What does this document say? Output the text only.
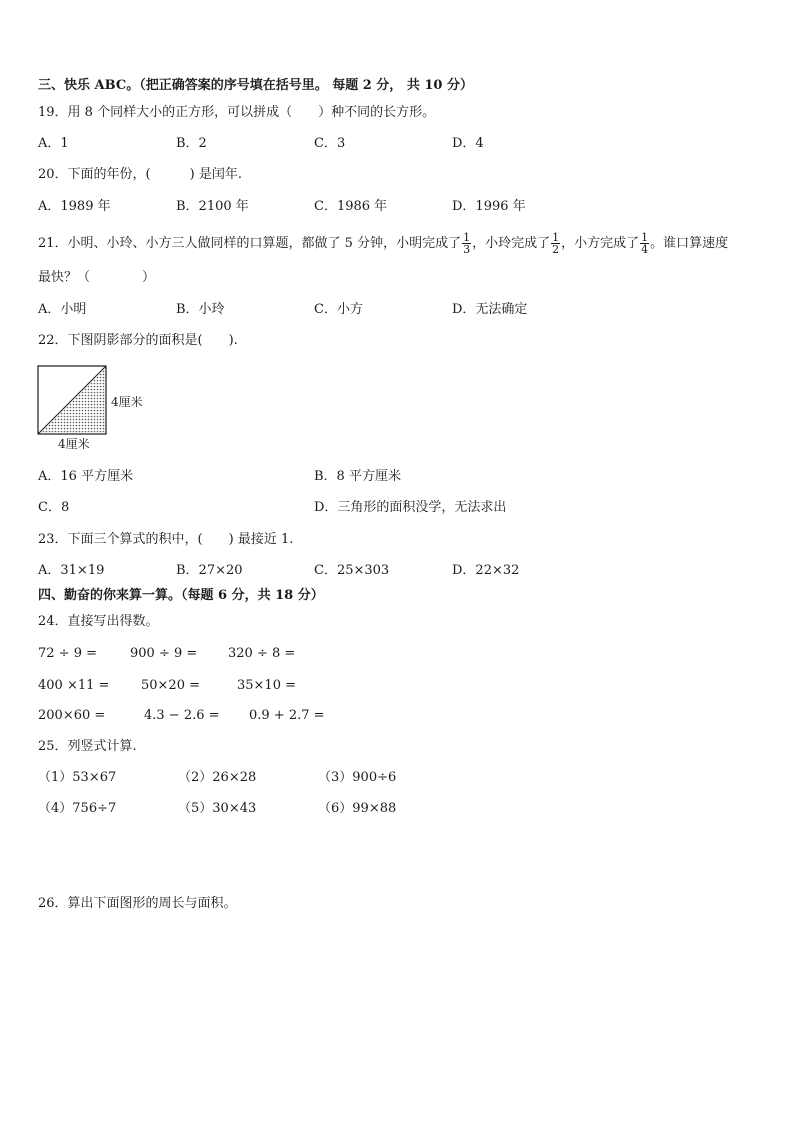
三、快乐 ABC。（把正确答案的序号填在括号里。 每题 2 分， 共 10 分）
19．用 8 个同样大小的正方形，可以拼成（　　）种不同的长方形。
A．1	B．2	C．3	D．4
20．下面的年份，(　　　) 是闰年.
A．1989 年	B．2100 年	C．1986 年	D．1996 年
21．小明、小玲、小方三人做同样的口算题，都做了 5 分钟，小明完成了 $\frac{1}{3}$ ，小玲完成了 $\frac{1}{2}$ ，小方完成了 $\frac{1}{4}$ 。谁口算速度
最快？（　　　　）
A．小明	B．小玲	C．小方	D．无法确定
22．下图阴影部分的面积是(　　).
4厘米
4厘米
A．16 平方厘米	B．8 平方厘米
C．8	D．三角形的面积没学，无法求出
23．下面三个算式的积中，(　　) 最接近 1.
A．31×19	B．27×20	C．25×303	D．22×32
四、勤奋的你来算一算。（每题 6 分，共 18 分）
24．直接写出得数。
72 ÷ 9 =	900 ÷ 9 = 320 ÷ 8 =
400 ×11 = 50×20 =	35×10 =
200×60 =	4.3 − 2.6 = 0.9 + 2.7 =
25．列竖式计算.
（1）53×67	（2）26×28	（3）900÷6
（4）756÷7	（5）30×43	（6）99×88
26．算出下面图形的周长与面积。
